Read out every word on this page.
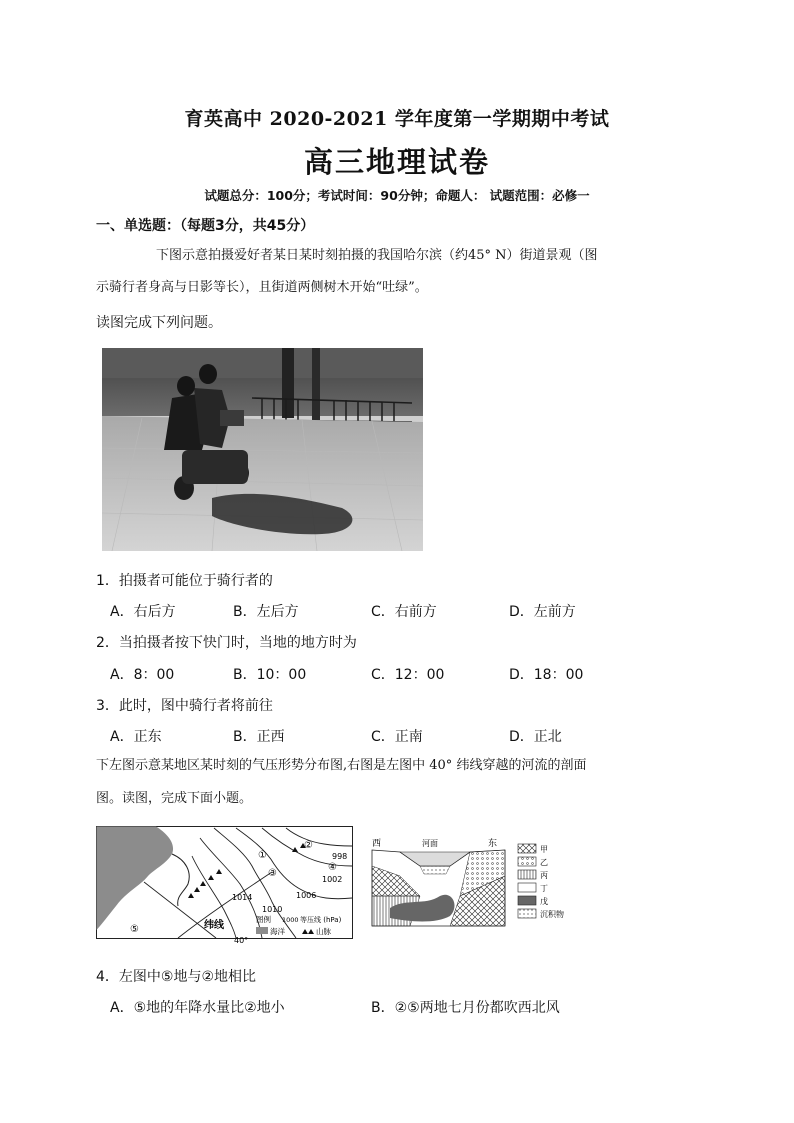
育英高中 2020-2021 学年度第一学期期中考试
高三地理试卷
试题总分：100分；考试时间：90分钟；命题人： 试题范围：必修一
一、单选题：（每题3分，共45分）
下图示意拍摄爱好者某日某时刻拍摄的我国哈尔滨（约45° N）街道景观（图
示骑行者身高与日影等长），且街道两侧树木开始“吐绿”。
读图完成下列问题。
1．拍摄者可能位于骑行者的
A．右后方	B．左后方	C．右前方	D．左前方
2．当拍摄者按下快门时，当地的地方时为
A．8：00	B．10：00	C．12：00	D．18：00
3．此时，图中骑行者将前往
A．正东	B．正西	C．正南	D．正北
下左图示意某地区某时刻的气压形势分布图,右图是左图中 40° 纬线穿越的河流的剖面
图。读图，完成下面小题。
998
1002
1006
1010
1014
①
②
③
④
⑤	纬线
40°
图例 1000 等压线 (hPa)
海洋	山脉
西	河面	东
甲
乙
丙
丁
戊
沉积物
4．左图中⑤地与②地相比
A．⑤地的年降水量比②地小	B．②⑤两地七月份都吹西北风
